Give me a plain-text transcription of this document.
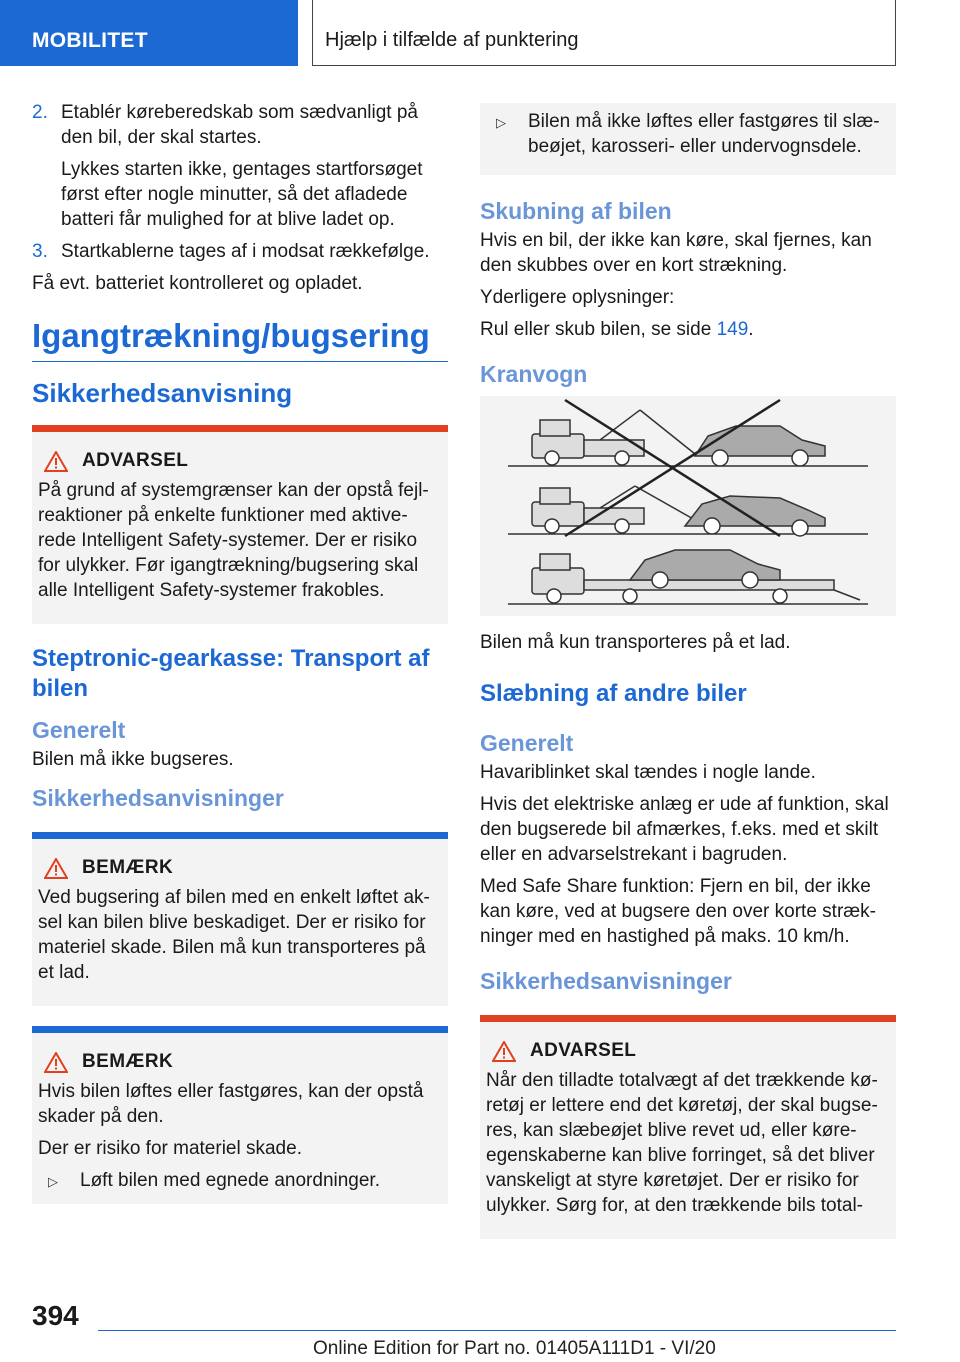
MOBILITET	Hjælp i tilfælde af punktering
2. Etablér køreberedskab som sædvanligt på den bil, der skal startes.

Lykkes starten ikke, gentages startforsøget først efter nogle minutter, så det afladede batteri får mulighed for at blive ladet op.

3. Startkablerne tages af i modsat rækkefølge.

Få evt. batteriet kontrolleret og opladet.

Igangtrækning/bugsering
Sikkerhedsanvisning
ADVARSEL

På grund af systemgrænser kan der opstå fejl‐reaktioner på enkelte funktioner med aktive‐rede Intelligent Safety-systemer. Der er risiko for ulykker. Før igangtrækning/bugsering skal alle Intelligent Safety-systemer frakobles.

Steptronic-gearkasse: Transport af bilen
Generelt

Bilen må ikke bugseres.

Sikkerhedsanvisninger
BEMÆRK

Ved bugsering af bilen med en enkelt løftet ak‐sel kan bilen blive beskadiget. Der er risiko for materiel skade. Bilen må kun transporteres på et lad.

BEMÆRK

Hvis bilen løftes eller fastgøres, kan der opstå skader på den.

Der er risiko for materiel skade.

▷	Løft bilen med egnede anordninger.
▷	Bilen må ikke løftes eller fastgøres til slæ‐beøjet, karosseri- eller undervognsdele.
Skubning af bilen

Hvis en bil, der ikke kan køre, skal fjernes, kan den skubbes over en kort strækning.

Yderligere oplysninger:

Rul eller skub bilen, se side 149.

Kranvogn

Bilen må kun transporteres på et lad.

Slæbning af andre biler
Generelt

Havariblinket skal tændes i nogle lande.

Hvis det elektriske anlæg er ude af funktion, skal den bugserede bil afmærkes, f.eks. med et skilt eller en advarselstrekant i bagruden.

Med Safe Share funktion: Fjern en bil, der ikke kan køre, ved at bugsere den over korte stræk‐ninger med en hastighed på maks. 10 km/h.

Sikkerhedsanvisninger
ADVARSEL

Når den tilladte totalvægt af det trækkende kø‐retøj er lettere end det køretøj, der skal bugse‐res, kan slæbeøjet blive revet ud, eller køre‐egenskaberne kan blive forringet, så det bliver vanskeligt at styre køretøjet. Der er risiko for ulykker. Sørg for, at den trækkende bils total‐

394
Online Edition for Part no. 01405A111D1 - VI/20
